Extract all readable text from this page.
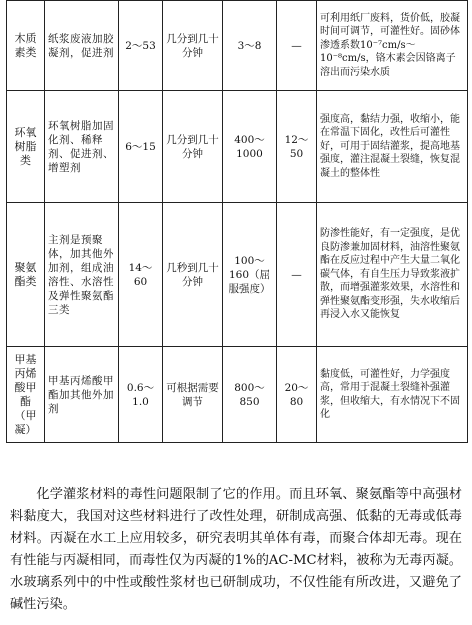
木质素类	纸浆废液加胶凝剂，促进剂	2～53	几分到几十分钟	3～8	—	可利用纸厂废料，货价低，胶凝时间可调节，可灌性好。固砂体渗透系数10⁻⁷cm/s～10⁻⁸cm/s，铬木素会因铬离子溶出而污染水质
环氧树脂类	环氧树脂加固化剂、稀释剂、促进剂、增塑剂	6～15	几分到几十分钟	400～1000	12～50	强度高，黏结力强，收缩小，能在常温下固化，改性后可灌性好，可用于固结灌浆，提高地基强度，灌注混凝土裂缝，恢复混凝土的整体性
聚氨酯类	主剂是预聚体，加其他外加剂，组成油溶性、水溶性及弹性聚氨酯三类	14～60	几秒到几十分钟	100～160（屈服强度）	—	防渗性能好，有一定强度，是优良防渗兼加固材料，油溶性聚氨酯在反应过程中产生大量二氧化碳气体，有自生压力导致浆液扩散，而增强灌浆效果，水溶性和弹性聚氨酯变形强，失水收缩后再浸入水又能恢复
甲基丙烯酸甲酯（甲凝）	甲基丙烯酸甲酯加其他外加剂	0.6～1.0	可根据需要调节	800～850	20～80	黏度低，可灌性好，力学强度高，常用于混凝土裂缝补强灌浆，但收缩大，有水情况下不固化

化学灌浆材料的毒性问题限制了它的作用。而且环氧、聚氨酯等中高强材料黏度大，我国对这些材料进行了改性处理，研制成高强、低黏的无毒或低毒材料。丙凝在水工上应用较多，研究表明其单体有毒，而聚合体却无毒。现在有性能与丙凝相同，而毒性仅为丙凝的1%的AC-MC材料，被称为无毒丙凝。水玻璃系列中的中性或酸性浆材也已研制成功，不仅性能有所改进，又避免了碱性污染。
